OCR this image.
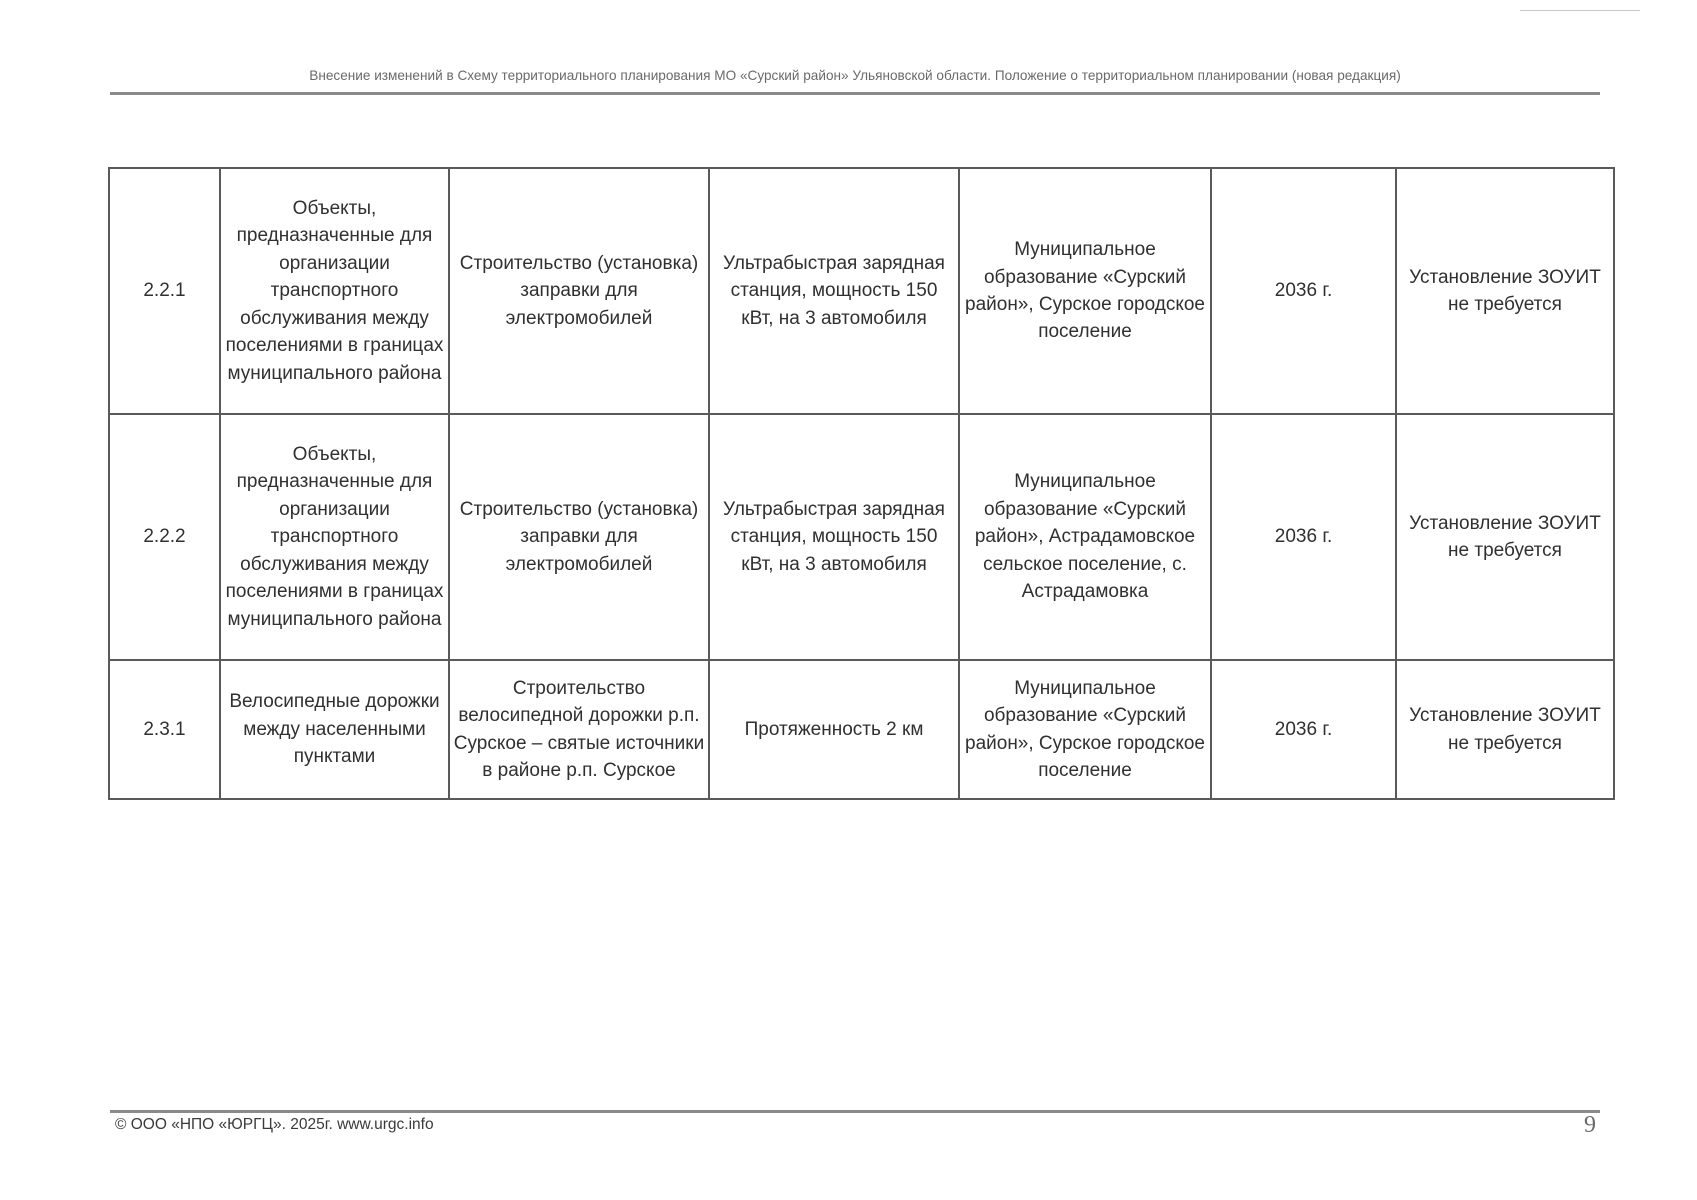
Внесение изменений в Схему территориального планирования МО «Сурский район» Ульяновской области. Положение о территориальном планировании (новая редакция)
2.2.1	Объекты, предназначенные для организации транспортного обслуживания между поселениями в границах муниципального района	Строительство (установка) заправки для электромобилей	Ультрабыстрая зарядная станция, мощность 150 кВт, на 3 автомобиля	Муниципальное образование «Сурский район», Сурское городское поселение	2036 г.	Установление ЗОУИТ не требуется
2.2.2	Объекты, предназначенные для организации транспортного обслуживания между поселениями в границах муниципального района	Строительство (установка) заправки для электромобилей	Ультрабыстрая зарядная станция, мощность 150 кВт, на 3 автомобиля	Муниципальное образование «Сурский район», Астрадамовское сельское поселение, с. Астрадамовка	2036 г.	Установление ЗОУИТ не требуется
2.3.1	Велосипедные дорожки между населенными пунктами	Строительство велосипедной дорожки р.п. Сурское – святые источники в районе р.п. Сурское	Протяженность 2 км	Муниципальное образование «Сурский район», Сурское городское поселение	2036 г.	Установление ЗОУИТ не требуется
© ООО «НПО «ЮРГЦ». 2025г. www.urgc.info	9
